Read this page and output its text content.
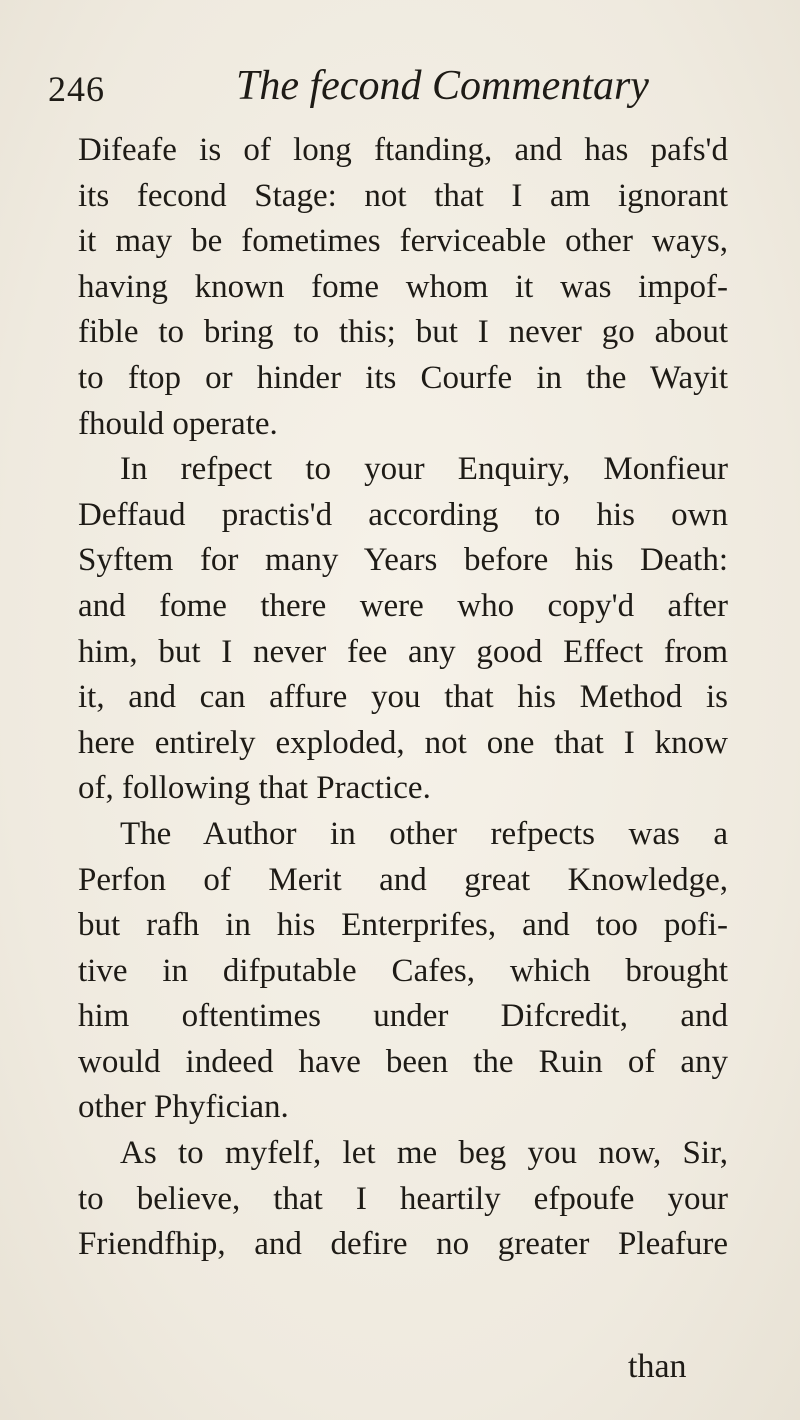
246	The fecond Commentary
Difeafe is of long ftanding, and has pafs'd
its fecond Stage: not that I am ignorant
it may be fometimes ferviceable other ways,
having known fome whom it was impof-
fible to bring to this; but I never go about
to ftop or hinder its Courfe in the Wayit
fhould operate.
In refpect to your Enquiry, Monfieur
Deffaud practis'd according to his own
Syftem for many Years before his Death:
and fome there were who copy'd after
him, but I never fee any good Effect from
it, and can affure you that his Method is
here entirely exploded, not one that I know
of, following that Practice.
The Author in other refpects was a
Perfon of Merit and great Knowledge,
but rafh in his Enterprifes, and too pofi-
tive in difputable Cafes, which brought
him oftentimes under Difcredit, and
would indeed have been the Ruin of any
other Phyfician.
As to myfelf, let me beg you now, Sir,
to believe, that I heartily efpoufe your
Friendfhip, and defire no greater Pleafure
than
